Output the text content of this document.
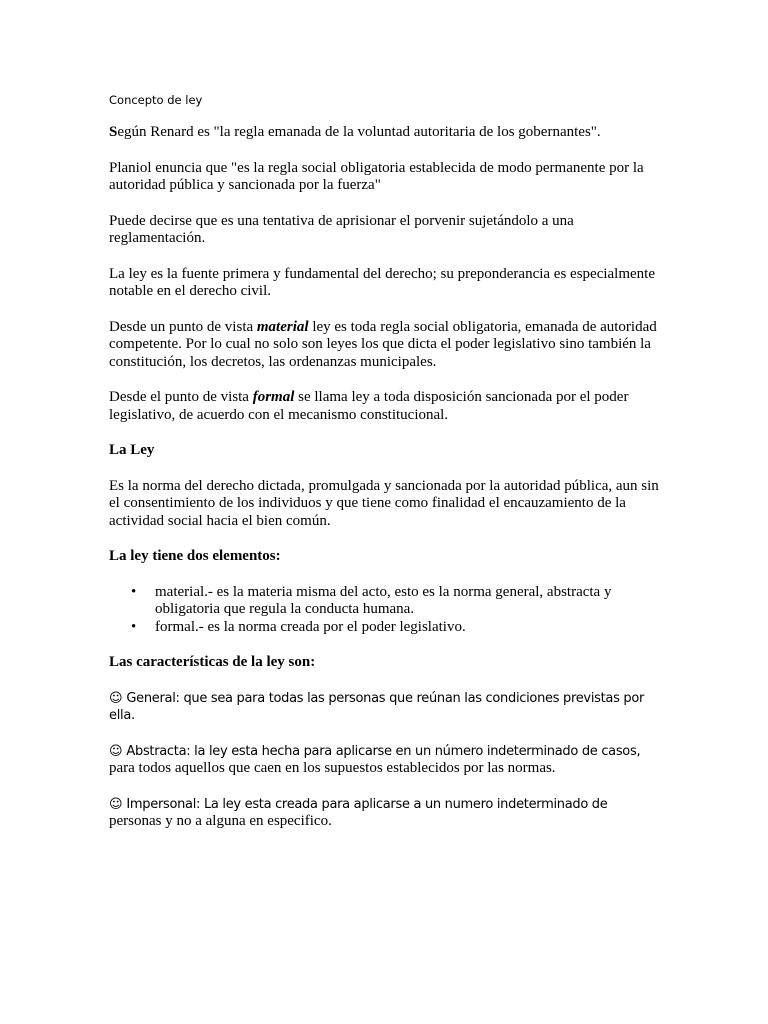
Concepto de ley

Según Renard es "la regla emanada de la voluntad autoritaria de los gobernantes".

Planiol enuncia que "es la regla social obligatoria establecida de modo permanente por la autoridad pública y sancionada por la fuerza"

Puede decirse que es una tentativa de aprisionar el porvenir sujetándolo a una reglamentación.

La ley es la fuente primera y fundamental del derecho; su preponderancia es especialmente notable en el derecho civil.

Desde un punto de vista material ley es toda regla social obligatoria, emanada de autoridad competente. Por lo cual no solo son leyes los que dicta el poder legislativo sino también la constitución, los decretos, las ordenanzas municipales.

Desde el punto de vista formal se llama ley a toda disposición sancionada por el poder legislativo, de acuerdo con el mecanismo constitucional.

La Ley

Es la norma del derecho dictada, promulgada y sancionada por la autoridad pública, aun sin el consentimiento de los individuos y que tiene como finalidad el encauzamiento de la actividad social hacia el bien común.

La ley tiene dos elementos:
• material.- es la materia misma del acto, esto es la norma general, abstracta y obligatoria que regula la conducta humana.
• formal.- es la norma creada por el poder legislativo.
Las características de la ley son:

☺ General: que sea para todas las personas que reúnan las condiciones previstas por ella.

☺ Abstracta: la ley esta hecha para aplicarse en un número indeterminado de casos, para todos aquellos que caen en los supuestos establecidos por las normas.

☺ Impersonal: La ley esta creada para aplicarse a un numero indeterminado de personas y no a alguna en especifico.
